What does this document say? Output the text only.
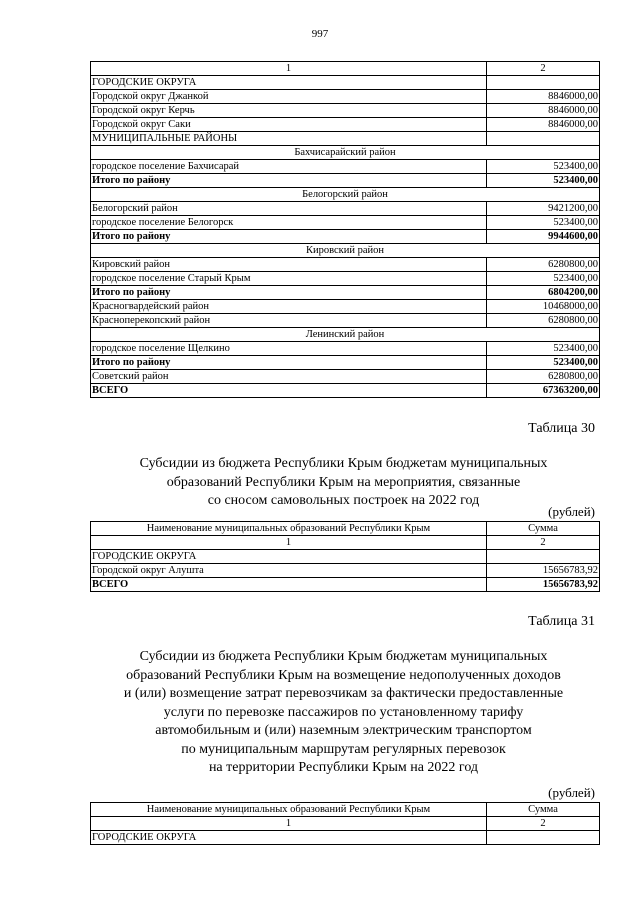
997
1	2
ГОРОДСКИЕ ОКРУГА	
Городской округ Джанкой	8846000,00
Городской округ Керчь	8846000,00
Городской округ Саки	8846000,00
МУНИЦИПАЛЬНЫЕ РАЙОНЫ	
Бахчисарайский район	
городское поселение Бахчисарай	523400,00
Итого по району	523400,00
Белогорский район	
Белогорский район	9421200,00
городское поселение Белогорск	523400,00
Итого по району	9944600,00
Кировский район	
Кировский район	6280800,00
городское поселение Старый Крым	523400,00
Итого по району	6804200,00
Красногвардейский район	10468000,00
Красноперекопский район	6280800,00
Ленинский район	
городское поселение Щелкино	523400,00
Итого по району	523400,00
Советский район	6280800,00
ВСЕГО	67363200,00
Таблица 30
Субсидии из бюджета Республики Крым бюджетам муниципальных
образований Республики Крым на мероприятия, связанные
со сносом самовольных построек на 2022 год
(рублей)
Наименование муниципальных образований Республики Крым	Сумма
1	2
ГОРОДСКИЕ ОКРУГА	
Городской округ Алушта	15656783,92
ВСЕГО	15656783,92
Таблица 31
Субсидии из бюджета Республики Крым бюджетам муниципальных
образований Республики Крым на возмещение недополученных доходов
и (или) возмещение затрат перевозчикам за фактически предоставленные
услуги по перевозке пассажиров по установленному тарифу
автомобильным и (или) наземным электрическим транспортом
по муниципальным маршрутам регулярных перевозок
на территории Республики Крым на 2022 год
(рублей)
Наименование муниципальных образований Республики Крым	Сумма
1	2
ГОРОДСКИЕ ОКРУГА	
